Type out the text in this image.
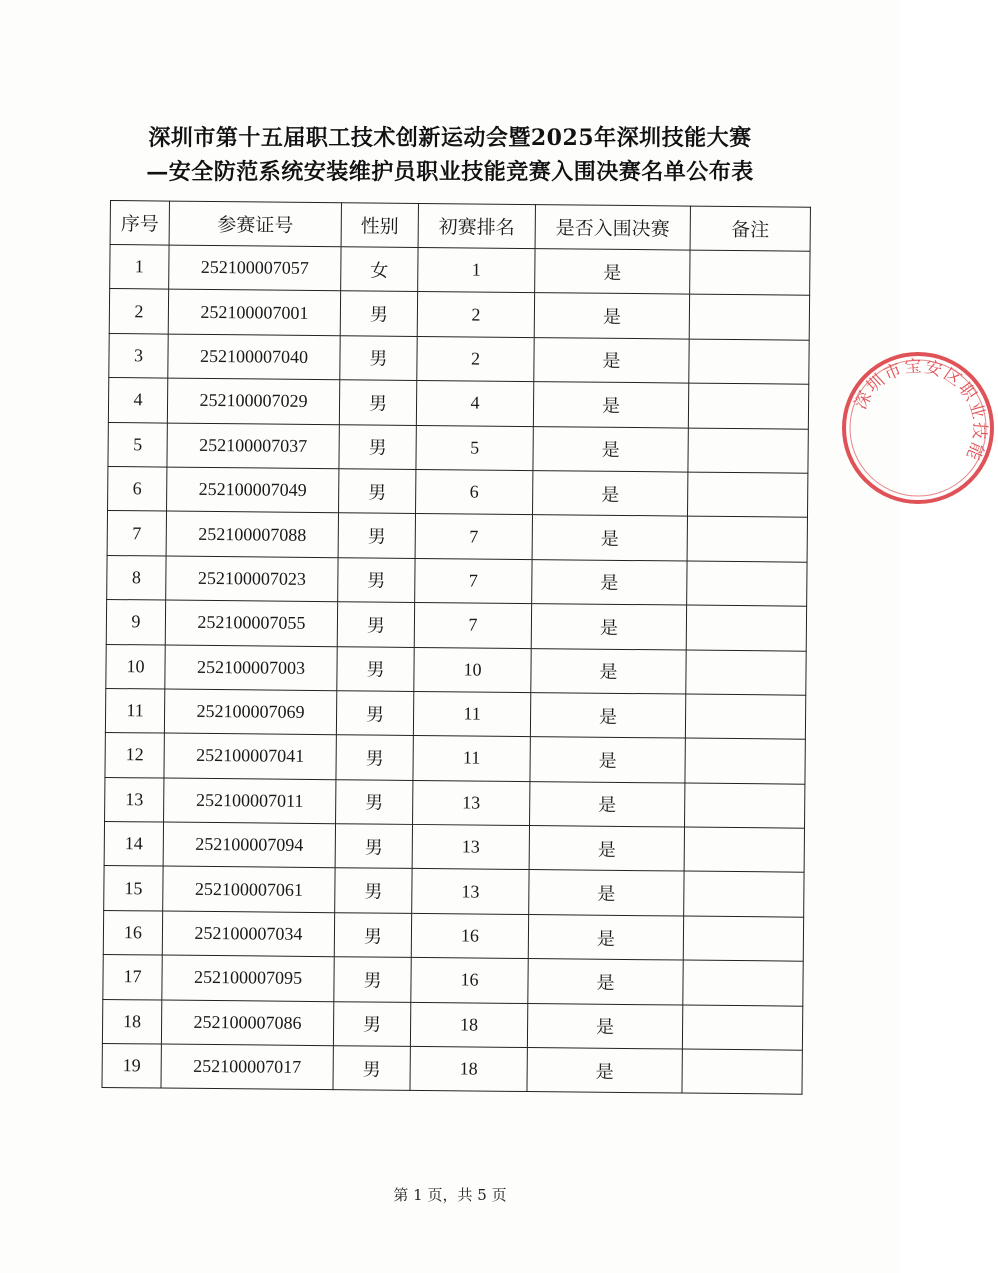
深圳市第十五届职工技术创新运动会暨2025年深圳技能大赛
—安全防范系统安装维护员职业技能竞赛入围决赛名单公布表
序号	参赛证号	性别	初赛排名	是否入围决赛	备注
1	252100007057	女	1	是	
2	252100007001	男	2	是	
3	252100007040	男	2	是	
4	252100007029	男	4	是	
5	252100007037	男	5	是	
6	252100007049	男	6	是	
7	252100007088	男	7	是	
8	252100007023	男	7	是	
9	252100007055	男	7	是	
10	252100007003	男	10	是	
11	252100007069	男	11	是	
12	252100007041	男	11	是	
13	252100007011	男	13	是	
14	252100007094	男	13	是	
15	252100007061	男	13	是	
16	252100007034	男	16	是	
17	252100007095	男	16	是	
18	252100007086	男	18	是	
19	252100007017	男	18	是	
第 1 页，共 5 页
深圳市宝安区职业技能
